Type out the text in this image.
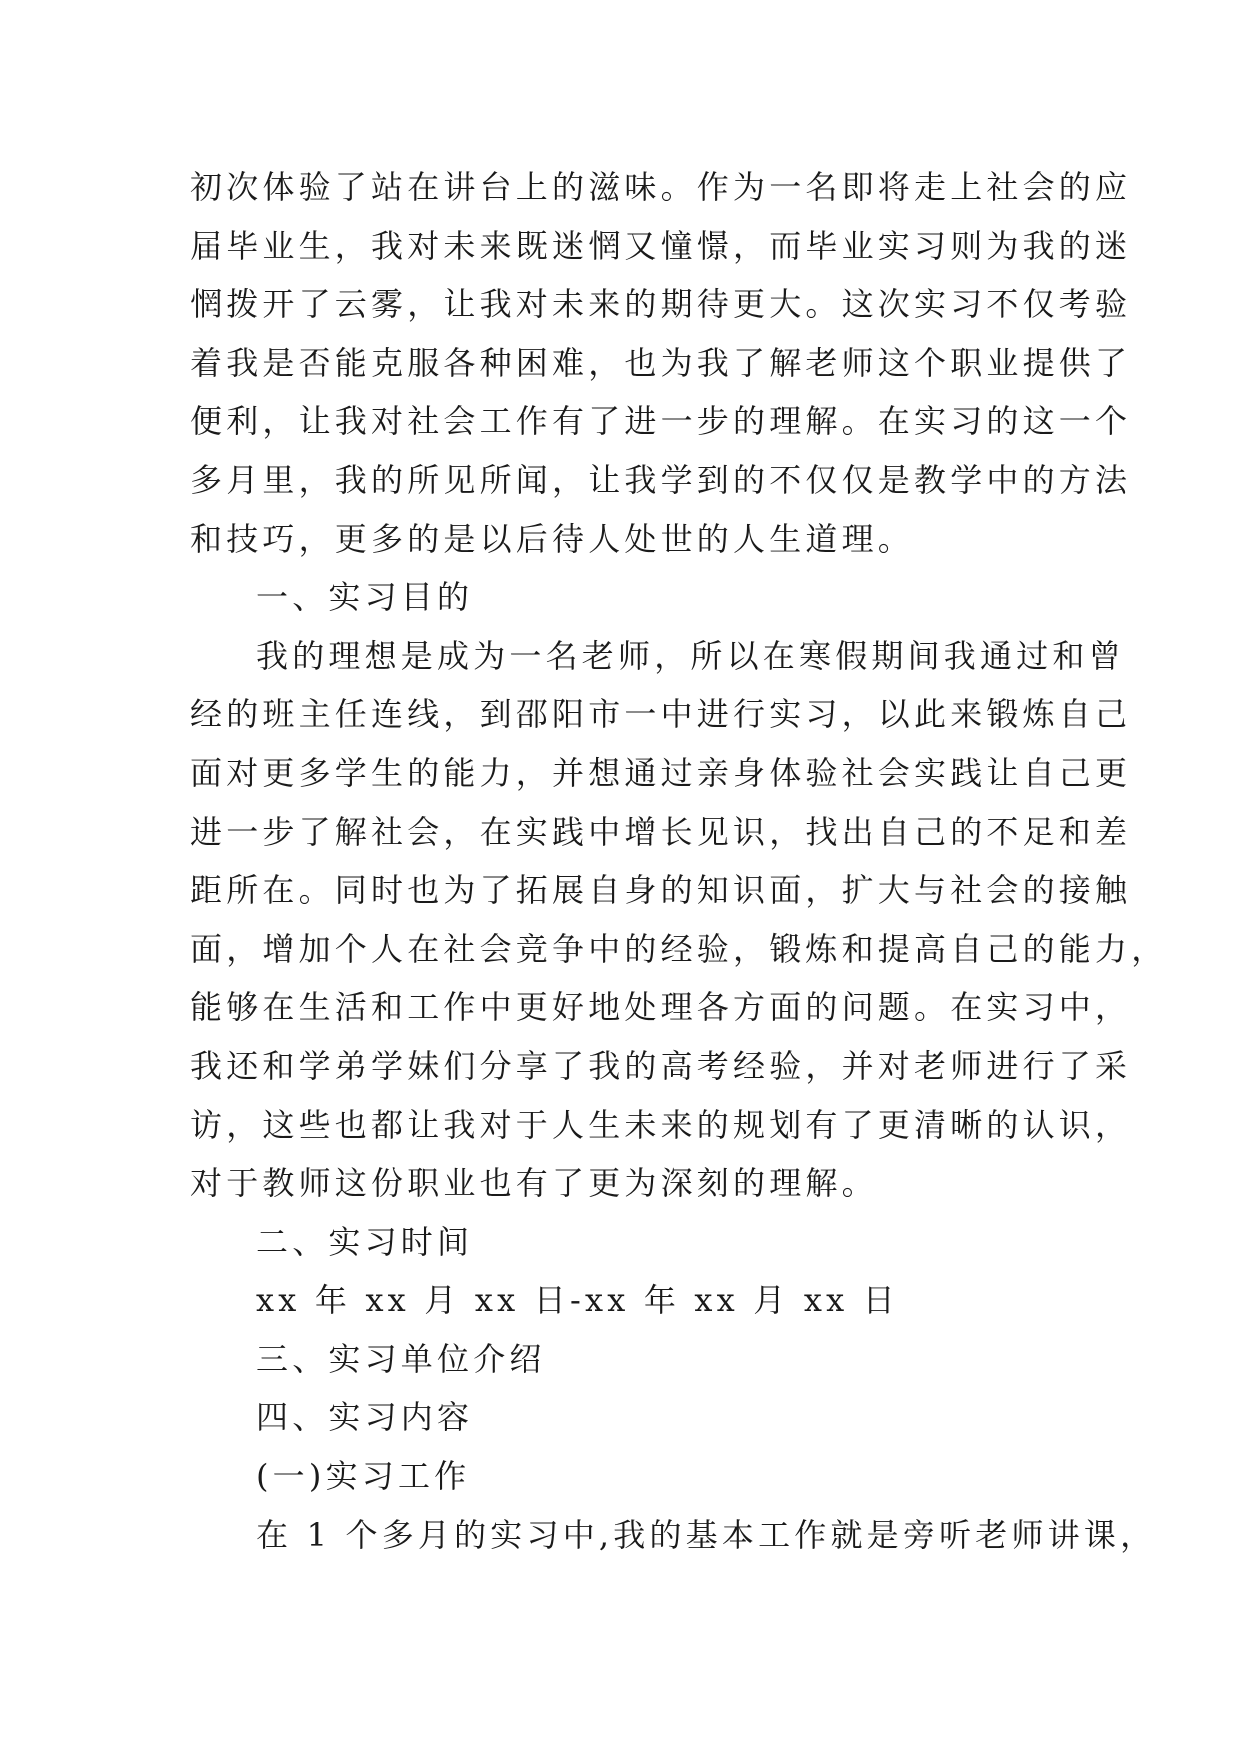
初次体验了站在讲台上的滋味。作为一名即将走上社会的应
届毕业生，我对未来既迷惘又憧憬，而毕业实习则为我的迷
惘拨开了云雾，让我对未来的期待更大。这次实习不仅考验
着我是否能克服各种困难，也为我了解老师这个职业提供了
便利，让我对社会工作有了进一步的理解。在实习的这一个
多月里，我的所见所闻，让我学到的不仅仅是教学中的方法
和技巧，更多的是以后待人处世的人生道理。
一、实习目的
我的理想是成为一名老师，所以在寒假期间我通过和曾
经的班主任连线，到邵阳市一中进行实习，以此来锻炼自己
面对更多学生的能力，并想通过亲身体验社会实践让自己更
进一步了解社会，在实践中增长见识，找出自己的不足和差
距所在。同时也为了拓展自身的知识面，扩大与社会的接触
面，增加个人在社会竞争中的经验，锻炼和提高自己的能力，
能够在生活和工作中更好地处理各方面的问题。在实习中，
我还和学弟学妹们分享了我的高考经验，并对老师进行了采
访，这些也都让我对于人生未来的规划有了更清晰的认识，
对于教师这份职业也有了更为深刻的理解。
二、实习时间
xx 年 xx 月 xx 日-xx 年 xx 月 xx 日
三、实习单位介绍
四、实习内容
(一)实习工作
在 1 个多月的实习中,我的基本工作就是旁听老师讲课，
